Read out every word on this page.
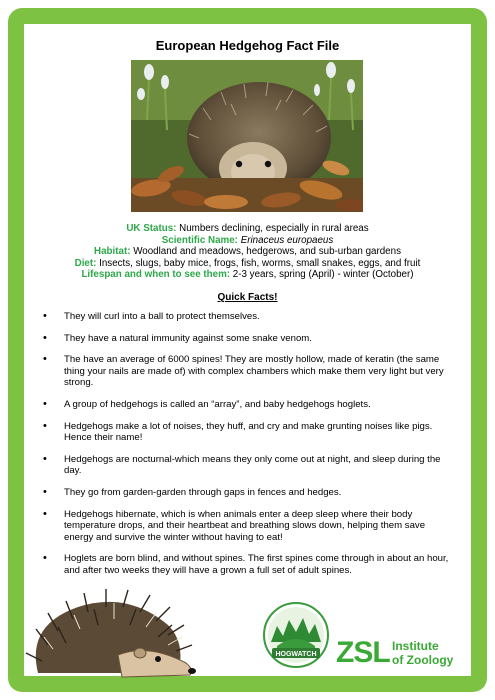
European Hedgehog Fact File
UK Status: Numbers declining, especially in rural areas
Scientific Name: Erinaceus europaeus
Habitat: Woodland and meadows, hedgerows, and sub-urban gardens
Diet: Insects, slugs, baby mice, frogs, fish, worms, small snakes, eggs, and fruit
Lifespan and when to see them: 2-3 years, spring (April) - winter (October)
Quick Facts!
• They will curl into a ball to protect themselves.
• They have a natural immunity against some snake venom.
• The have an average of 6000 spines! They are mostly hollow, made of keratin (the same thing your nails are made of) with complex chambers which make them very light but very strong.
• A group of hedgehogs is called an “array”, and baby hedgehogs hoglets.
• Hedgehogs make a lot of noises, they huff, and cry and make grunting noises like pigs. Hence their name!
• Hedgehogs are nocturnal-which means they only come out at night, and sleep during the day.
• They go from garden-garden through gaps in fences and hedges.
• Hedgehogs hibernate, which is when animals enter a deep sleep where their body temperature drops, and their heartbeat and breathing slows down, helping them save energy and survive the winter without having to eat!
• Hoglets are born blind, and without spines. The first spines come through in about an hour, and after two weeks they will have a grown a full set of adult spines.
HOGWATCH ZSL Institute
of Zoology
